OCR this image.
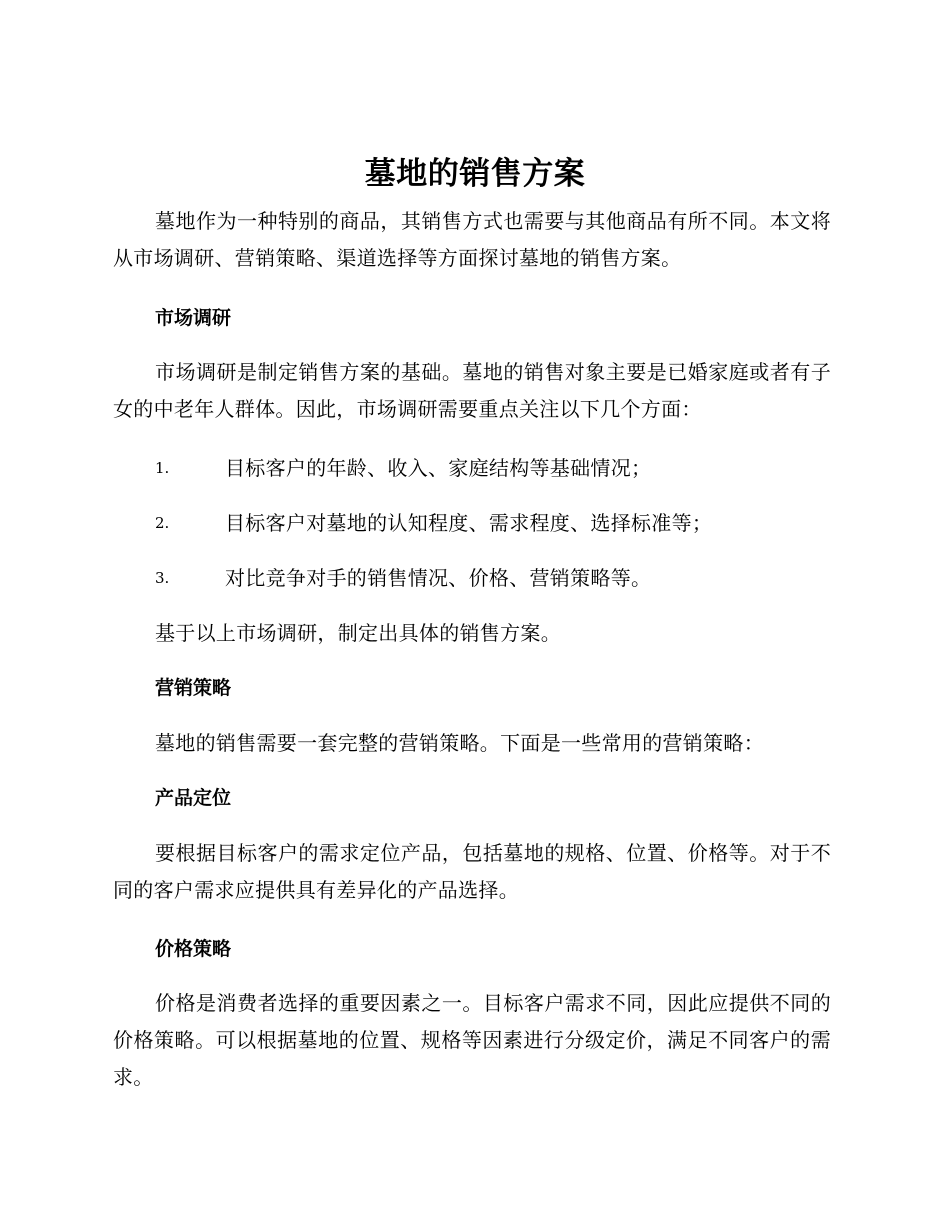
墓地的销售方案
墓地作为一种特别的商品，其销售方式也需要与其他商品有所不同。本文将从市场调研、营销策略、渠道选择等方面探讨墓地的销售方案。
市场调研
市场调研是制定销售方案的基础。墓地的销售对象主要是已婚家庭或者有子女的中老年人群体。因此，市场调研需要重点关注以下几个方面：
1.	目标客户的年龄、收入、家庭结构等基础情况；
2.	目标客户对墓地的认知程度、需求程度、选择标准等；
3.	对比竞争对手的销售情况、价格、营销策略等。
基于以上市场调研，制定出具体的销售方案。
营销策略
墓地的销售需要一套完整的营销策略。下面是一些常用的营销策略：
产品定位
要根据目标客户的需求定位产品，包括墓地的规格、位置、价格等。对于不同的客户需求应提供具有差异化的产品选择。
价格策略
价格是消费者选择的重要因素之一。目标客户需求不同，因此应提供不同的价格策略。可以根据墓地的位置、规格等因素进行分级定价，满足不同客户的需求。
